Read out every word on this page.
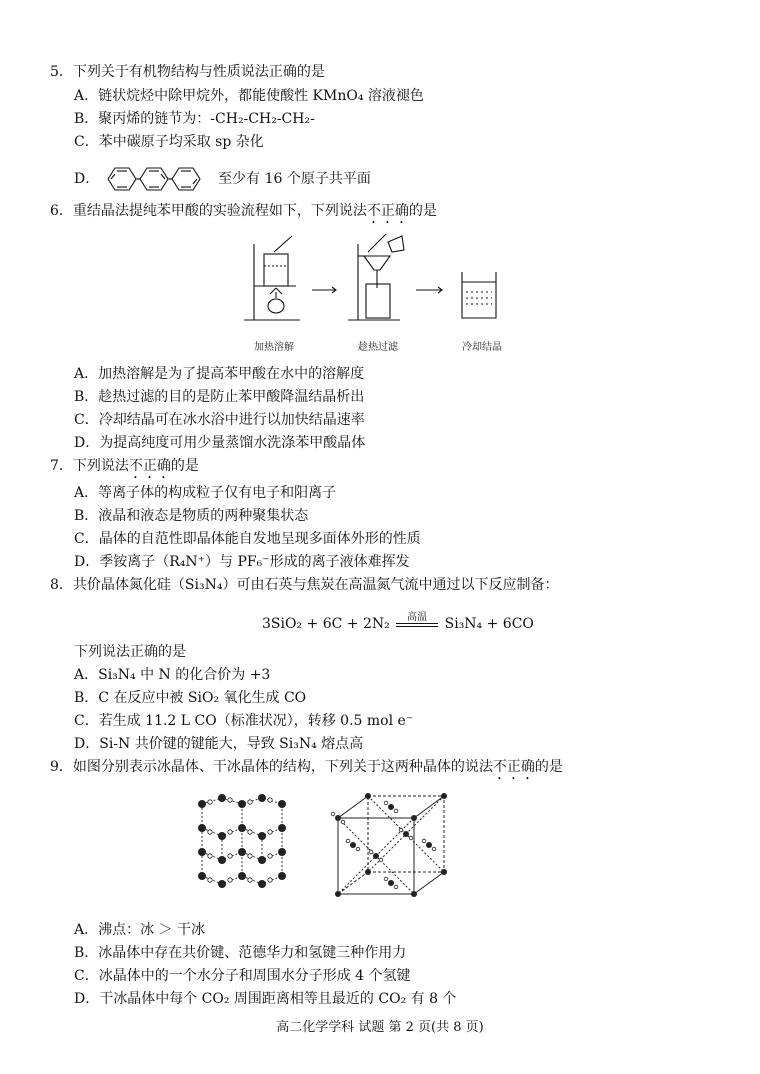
5．下列关于有机物结构与性质说法正确的是
A．链状烷烃中除甲烷外，都能使酸性 KMnO₄ 溶液褪色
B．聚丙烯的链节为：-CH₂-CH₂-CH₂-
C．苯中碳原子均采取 sp 杂化
D．	至少有 16 个原子共平面
6．重结晶法提纯苯甲酸的实验流程如下，下列说法不正确的是
加热溶解	趁热过滤	冷却结晶
A．加热溶解是为了提高苯甲酸在水中的溶解度
B．趁热过滤的目的是防止苯甲酸降温结晶析出
C．冷却结晶可在冰水浴中进行以加快结晶速率
D．为提高纯度可用少量蒸馏水洗涤苯甲酸晶体
7．下列说法不正确的是
A．等离子体的构成粒子仅有电子和阳离子
B．液晶和液态是物质的两种聚集状态
C．晶体的自范性即晶体能自发地呈现多面体外形的性质
D．季铵离子（R₄N⁺）与 PF₆⁻形成的离子液体难挥发
8．共价晶体氮化硅（Si₃N₄）可由石英与焦炭在高温氮气流中通过以下反应制备：
3SiO₂ + 6C + 2N₂	高温	Si₃N₄ + 6CO
下列说法正确的是
A．Si₃N₄ 中 N 的化合价为 +3
B．C 在反应中被 SiO₂ 氧化生成 CO
C．若生成 11.2 L CO（标准状况），转移 0.5 mol e⁻
D．Si-N 共价键的键能大，导致 Si₃N₄ 熔点高
9．如图分别表示冰晶体、干冰晶体的结构，下列关于这两种晶体的说法不正确的是
A．沸点：冰 ＞ 干冰
B．冰晶体中存在共价键、范德华力和氢键三种作用力
C．冰晶体中的一个水分子和周围水分子形成 4 个氢键
D．干冰晶体中每个 CO₂ 周围距离相等且最近的 CO₂ 有 8 个
高二化学学科 试题 第 2 页(共 8 页)
